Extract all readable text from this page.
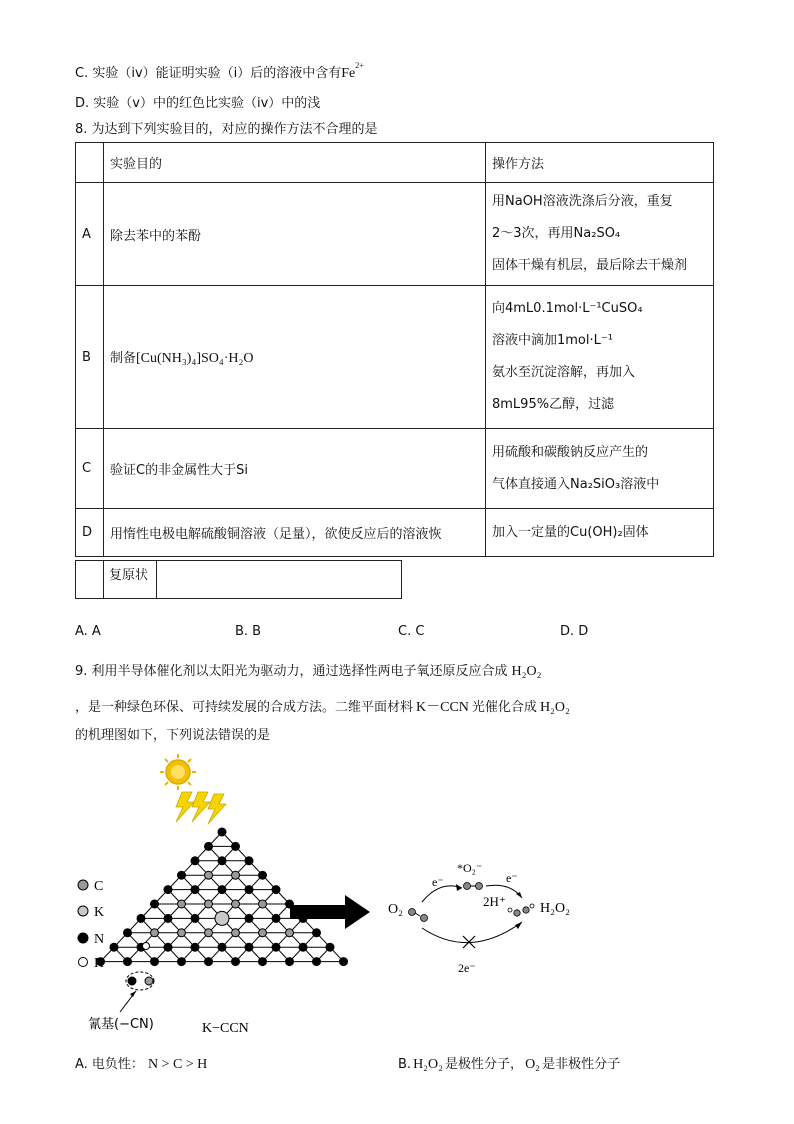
C. 实验（iv）能证明实验（i）后的溶液中含有$Fe^{2+}$
D. 实验（v）中的红色比实验（iv）中的浅
8. 为达到下列实验目的，对应的操作方法不合理的是
	实验目的	操作方法
A	除去苯中的苯酚	用NaOH溶液洗涤后分液，重复
2～3次，再用Na₂SO₄
固体干燥有机层，最后除去干燥剂

B	制备[Cu(NH₃)₄]SO₄·H₂O	向4mL0.1mol·L⁻¹CuSO₄
溶液中滴加1mol·L⁻¹
氨水至沉淀溶解，再加入
8mL95%乙醇，过滤

C	验证C的非金属性大于Si	用硫酸和碳酸钠反应产生的
气体直接通入Na₂SiO₃溶液中

D	用惰性电极电解硫酸铜溶液（足量），欲使反应后的溶液恢	加入一定量的Cu(OH)₂固体
复原状
A. A	B. B	C. C	D. D
9. 利用半导体催化剂以太阳光为驱动力，通过选择性两电子氧还原反应合成 H₂O₂
，是一种绿色环保、可持续发展的合成方法。二维平面材料 K－CCN 光催化合成 H₂O₂
的机理图如下，下列说法错误的是
C
K
N
H
氰基(−CN)	K−CCN
O₂
e⁻
*O₂⁻
e⁻
2H⁺ H₂O₂
2e⁻
A. 电负性： N > C > H	B. H₂O₂ 是极性分子， O₂ 是非极性分子
